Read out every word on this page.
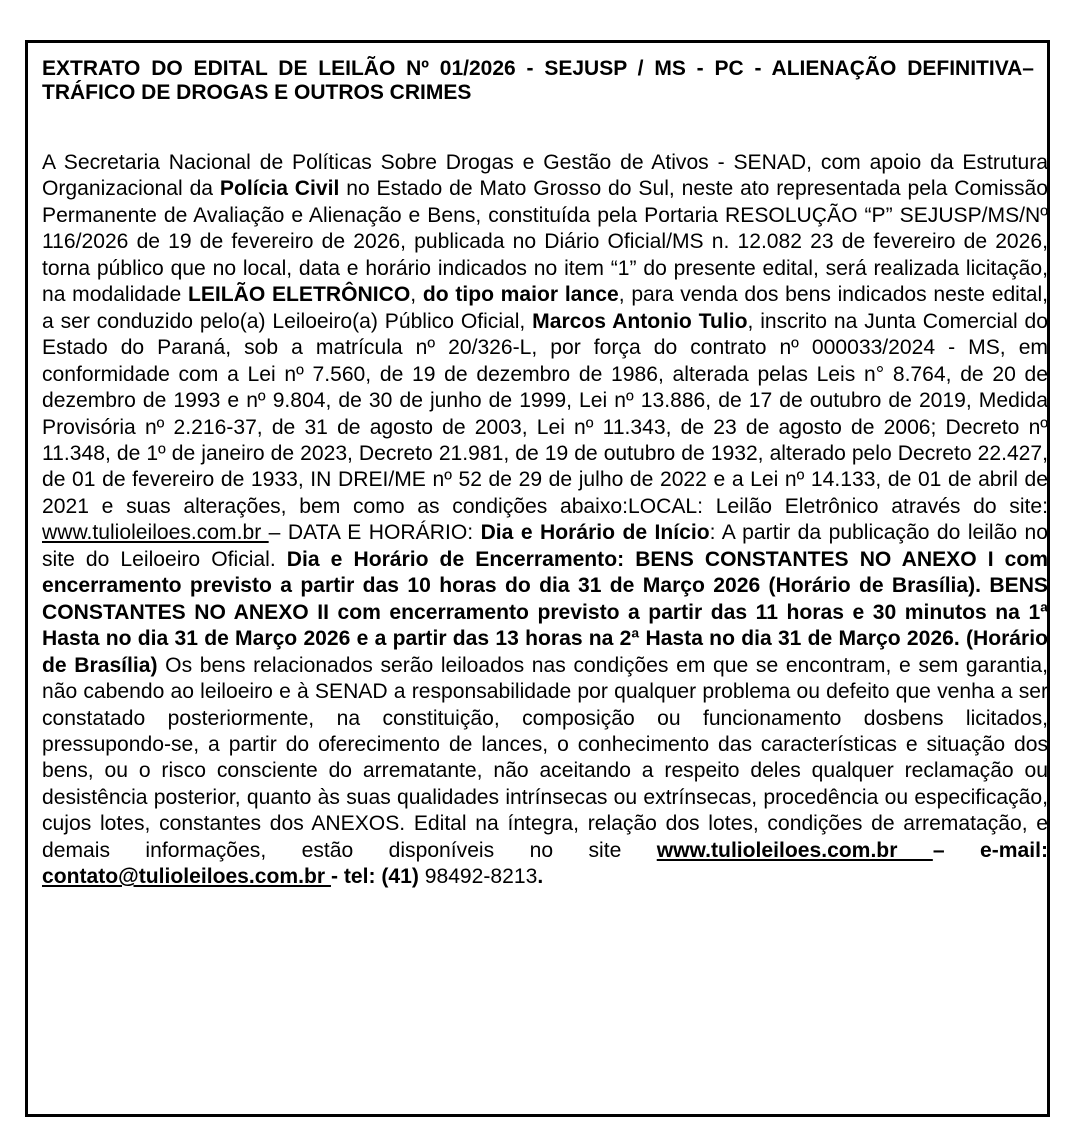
EXTRATO DO EDITAL DE LEILÃO Nº 01/2026 - SEJUSP / MS - PC - ALIENAÇÃO DEFINITIVA–TRÁFICO DE DROGAS E OUTROS CRIMES

A Secretaria Nacional de Políticas Sobre Drogas e Gestão de Ativos - SENAD, com apoio da Estrutura Organizacional da Polícia Civil no Estado de Mato Grosso do Sul, neste ato representada pela Comissão Permanente de Avaliação e Alienação e Bens, constituída pela Portaria RESOLUÇÃO “P” SEJUSP/MS/Nº 116/2026 de 19 de fevereiro de 2026, publicada no Diário Oficial/MS n. 12.082 23 de fevereiro de 2026, torna público que no local, data e horário indicados no item “1” do presente edital, será realizada licitação, na modalidade LEILÃO ELETRÔNICO, do tipo maior lance, para venda dos bens indicados neste edital, a ser conduzido pelo(a) Leiloeiro(a) Público Oficial, Marcos Antonio Tulio, inscrito na Junta Comercial do Estado do Paraná, sob a matrícula nº 20/326-L, por força do contrato nº 000033/2024 - MS, em conformidade com a Lei nº 7.560, de 19 de dezembro de 1986, alterada pelas Leis n° 8.764, de 20 de dezembro de 1993 e nº 9.804, de 30 de junho de 1999, Lei nº 13.886, de 17 de outubro de 2019, Medida Provisória nº 2.216-37, de 31 de agosto de 2003, Lei nº 11.343, de 23 de agosto de 2006; Decreto nº 11.348, de 1º de janeiro de 2023, Decreto 21.981, de 19 de outubro de 1932, alterado pelo Decreto 22.427, de 01 de fevereiro de 1933, IN DREI/ME nº 52 de 29 de julho de 2022 e a Lei nº 14.133, de 01 de abril de 2021 e suas alterações, bem como as condições abaixo:LOCAL: Leilão Eletrônico através do site: www.tulioleiloes.com.br – DATA E HORÁRIO: Dia e Horário de Início: A partir da publicação do leilão no site do Leiloeiro Oficial. Dia e Horário de Encerramento: BENS CONSTANTES NO ANEXO I com encerramento previsto a partir das 10 horas do dia 31 de Março 2026 (Horário de Brasília). BENS CONSTANTES NO ANEXO II com encerramento previsto a partir das 11 horas e 30 minutos na 1ª Hasta no dia 31 de Março 2026 e a partir das 13 horas na 2ª Hasta no dia 31 de Março 2026. (Horário de Brasília) Os bens relacionados serão leiloados nas condições em que se encontram, e sem garantia, não cabendo ao leiloeiro e à SENAD a responsabilidade por qualquer problema ou defeito que venha a ser constatado posteriormente, na constituição, composição ou funcionamento dosbens licitados, pressupondo-se, a partir do oferecimento de lances, o conhecimento das características e situação dos bens, ou o risco consciente do arrematante, não aceitando a respeito deles qualquer reclamação ou desistência posterior, quanto às suas qualidades intrínsecas ou extrínsecas, procedência ou especificação, cujos lotes, constantes dos ANEXOS. Edital na íntegra, relação dos lotes, condições de arrematação, e demais informações, estão disponíveis no site www.tulioleiloes.com.br – e-mail: contato@tulioleiloes.com.br - tel: (41) 98492-8213.
